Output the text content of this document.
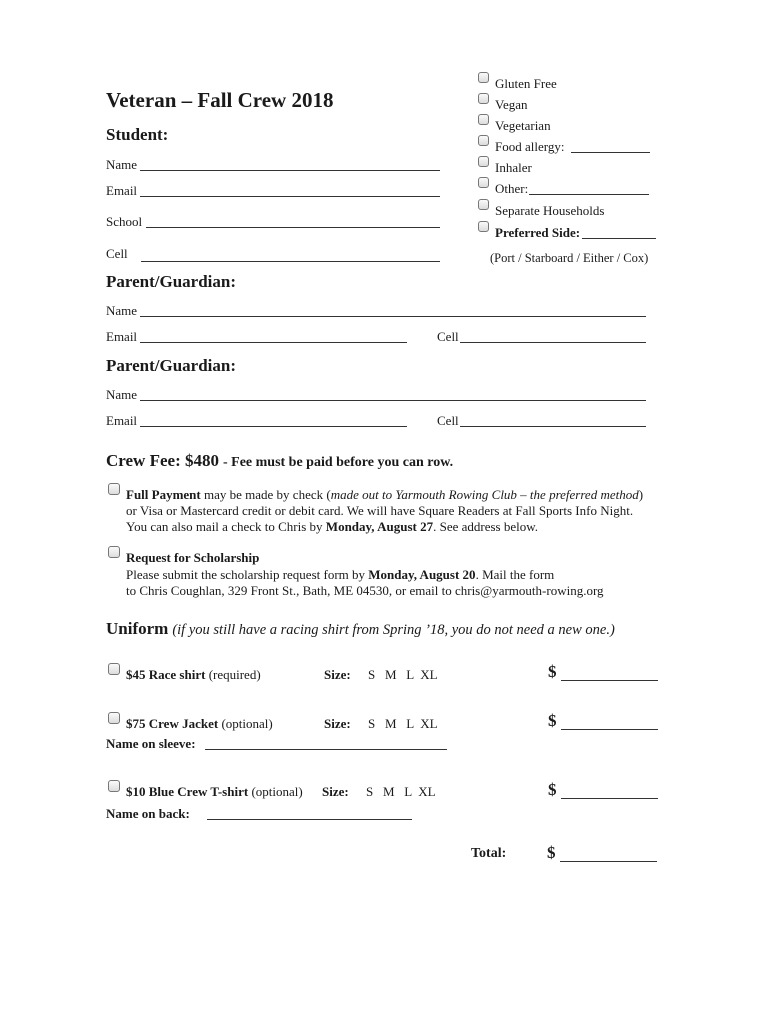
Veteran – Fall Crew 2018
Student:
Name
Email
School
Cell
Gluten Free
Vegan
Vegetarian
Food allergy:
Inhaler
Other:
Separate Households
Preferred Side:
(Port / Starboard / Either / Cox)
Parent/Guardian:
Name
Email	Cell
Parent/Guardian:
Name
Email	Cell
Crew Fee: $480 - Fee must be paid before you can row.
Full Payment may be made by check (made out to Yarmouth Rowing Club – the preferred method)
or Visa or Mastercard credit or debit card. We will have Square Readers at Fall Sports Info Night.
You can also mail a check to Chris by Monday, August 27. See address below.
Request for Scholarship
Please submit the scholarship request form by Monday, August 20. Mail the form
to Chris Coughlan, 329 Front St., Bath, ME 04530, or email to chris@yarmouth-rowing.org
Uniform (if you still have a racing shirt from Spring ’18, you do not need a new one.)
$45 Race shirt (required)	Size: S   M   L  XL	$
$75 Crew Jacket (optional)	Size: S   M   L  XL	$
Name on sleeve:
$10 Blue Crew T-shirt (optional) Size: S   M   L  XL	$
Name on back:
Total: $
